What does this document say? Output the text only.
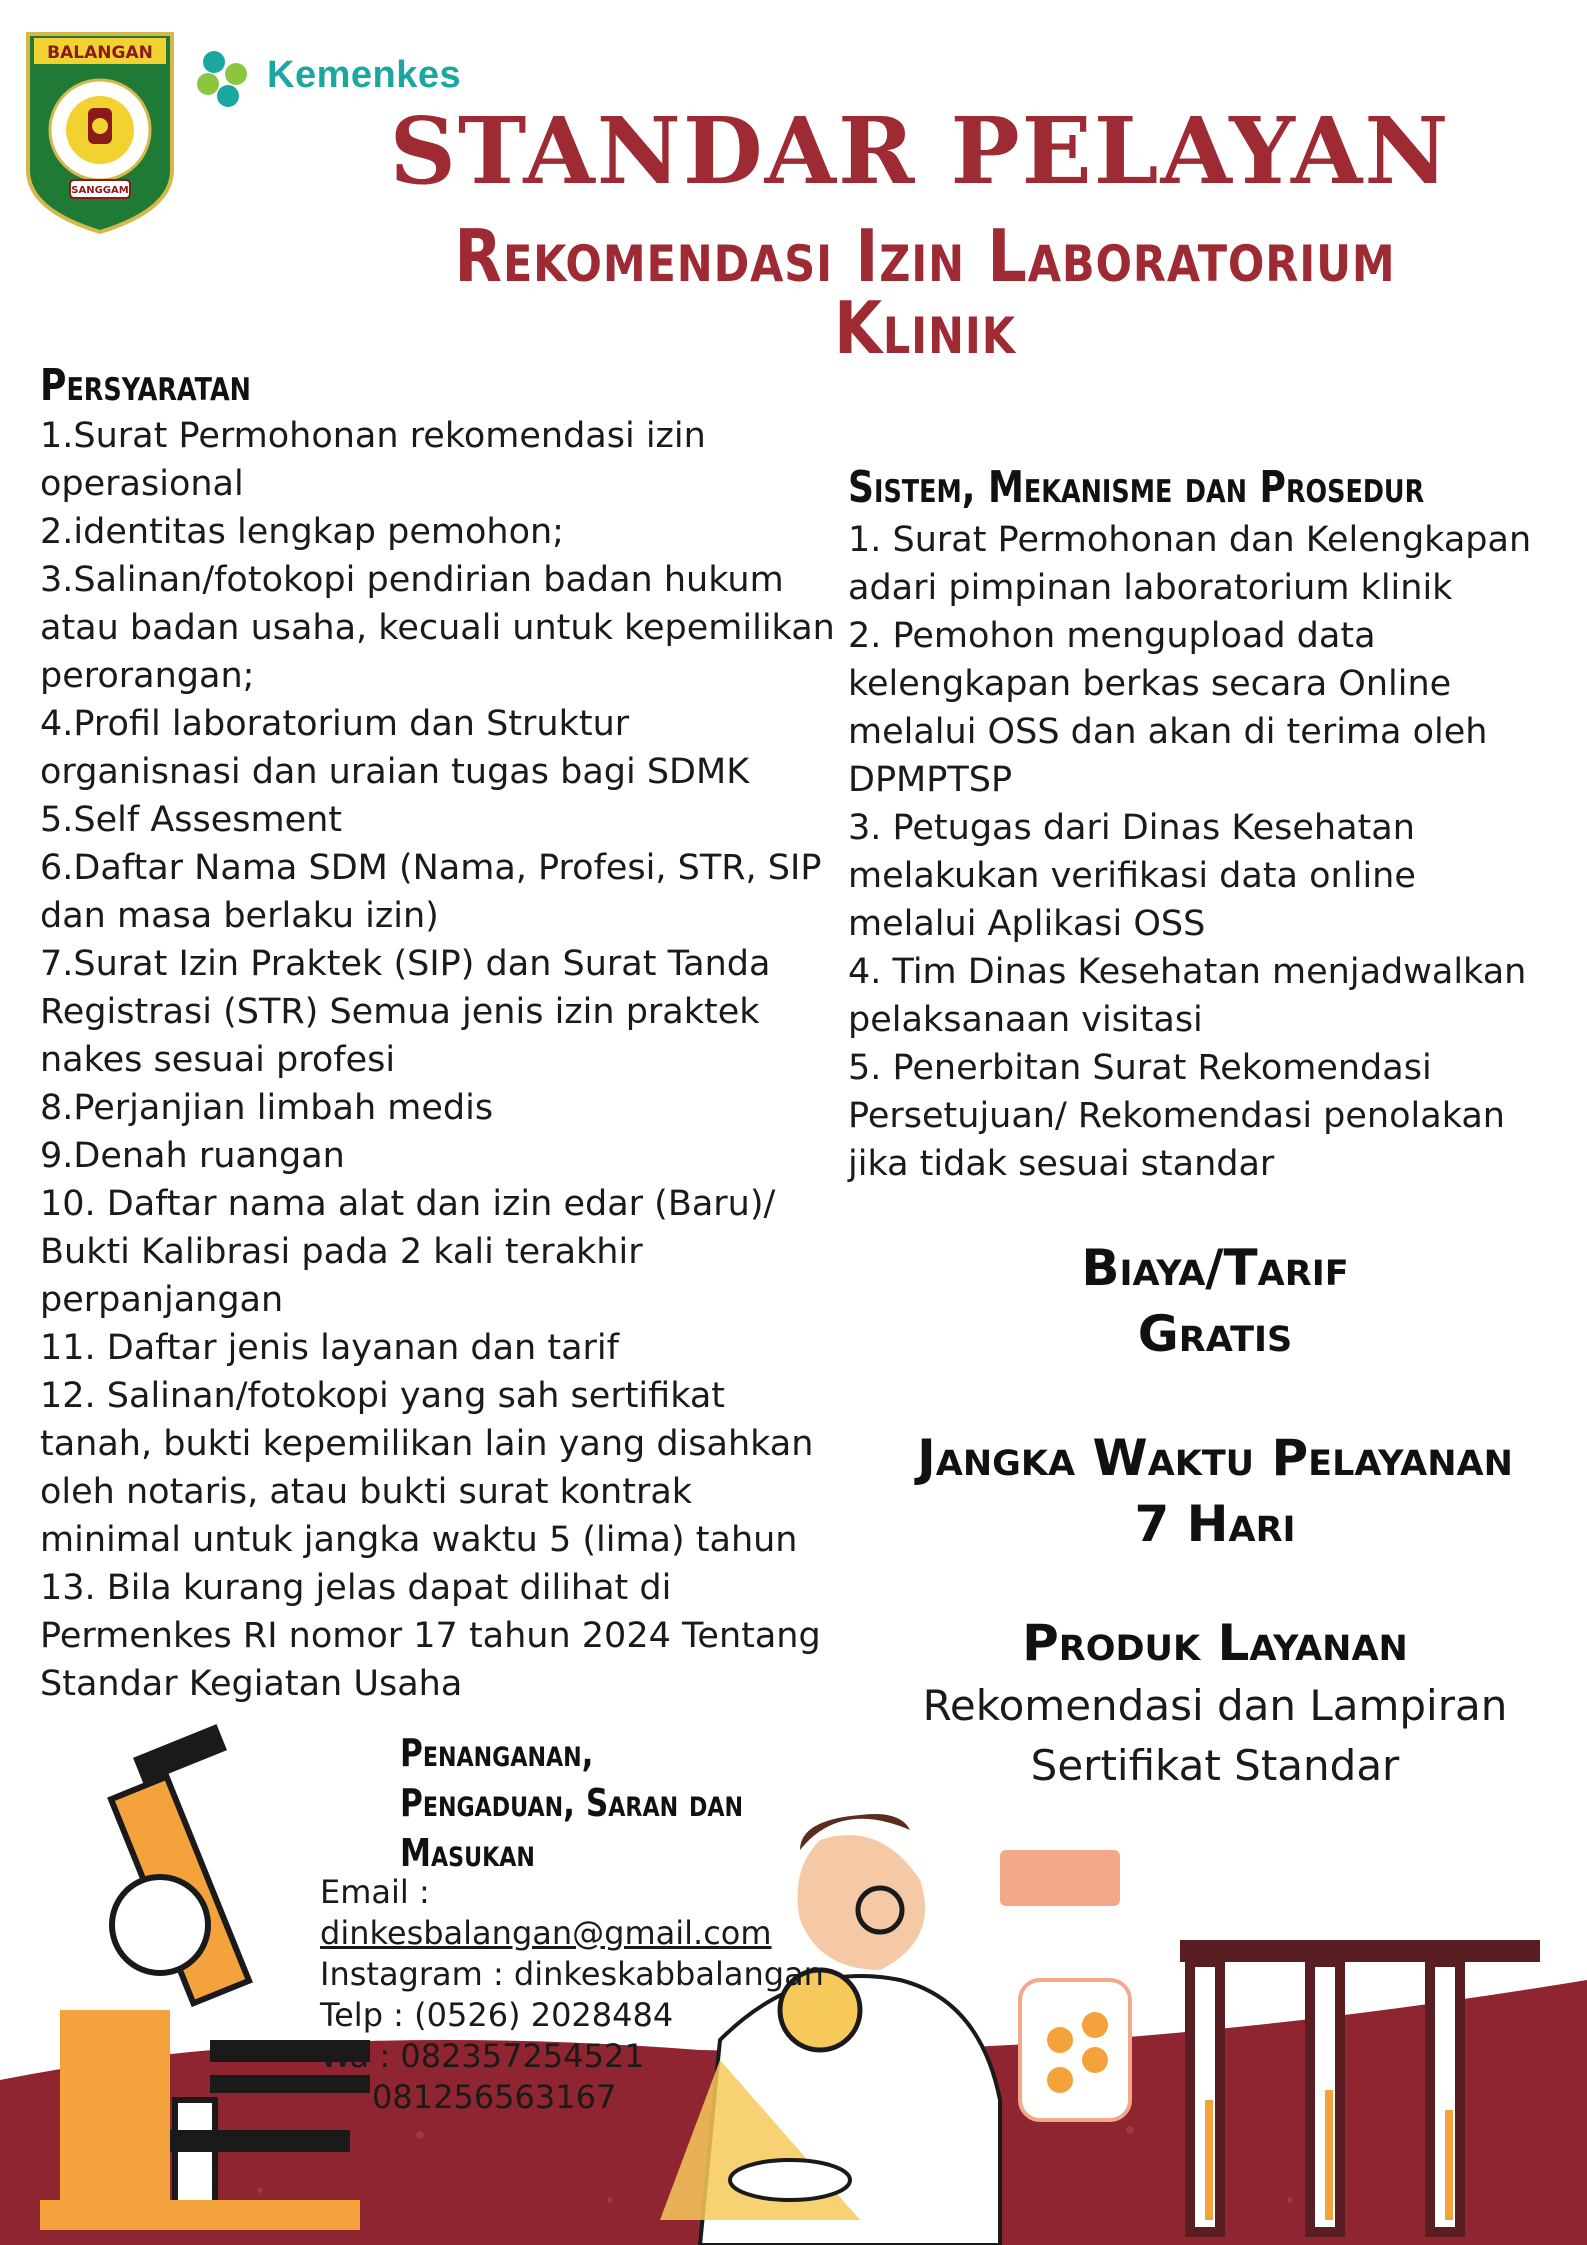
BALANGAN
SANGGAM
Kemenkes
STANDAR PELAYAN
Rekomendasi Izin Laboratorium Klinik
Persyaratan
1.Surat Permohonan rekomendasi izin operasional
2.identitas lengkap pemohon;
3.Salinan/fotokopi pendirian badan hukum atau badan usaha, kecuali untuk kepemilikan perorangan;
4.Profil laboratorium dan Struktur organisnasi dan uraian tugas bagi SDMK
5.Self Assesment
6.Daftar Nama SDM (Nama, Profesi, STR, SIP dan masa berlaku izin)
7.Surat Izin Praktek (SIP) dan Surat Tanda Registrasi (STR) Semua jenis izin praktek nakes sesuai profesi
8.Perjanjian limbah medis
9.Denah ruangan
10. Daftar nama alat dan izin edar (Baru)/ Bukti Kalibrasi pada 2 kali terakhir perpanjangan
11. Daftar jenis layanan dan tarif
12. Salinan/fotokopi yang sah sertifikat tanah, bukti kepemilikan lain yang disahkan oleh notaris, atau bukti surat kontrak minimal untuk jangka waktu 5 (lima) tahun
13. Bila kurang jelas dapat dilihat di Permenkes RI nomor 17 tahun 2024 Tentang Standar Kegiatan Usaha
Sistem, Mekanisme dan Prosedur
1. Surat Permohonan dan Kelengkapan adari pimpinan laboratorium klinik
2. Pemohon mengupload data kelengkapan berkas secara Online melalui OSS dan akan di terima oleh DPMPTSP
3. Petugas dari Dinas Kesehatan melakukan verifikasi data online melalui Aplikasi OSS
4. Tim Dinas Kesehatan menjadwalkan pelaksanaan visitasi
5. Penerbitan Surat Rekomendasi Persetujuan/ Rekomendasi penolakan jika tidak sesuai standar
Biaya/Tarif
Gratis
Jangka Waktu Pelayanan
7 Hari
Produk Layanan
Rekomendasi dan Lampiran
Sertifikat Standar
Penanganan,
Pengaduan, Saran dan
Masukan
Email :
dinkesbalangan@gmail.com
Instagram : dinkeskabbalangan
Telp : (0526) 2028484
Wa : 082357254521
081256563167
